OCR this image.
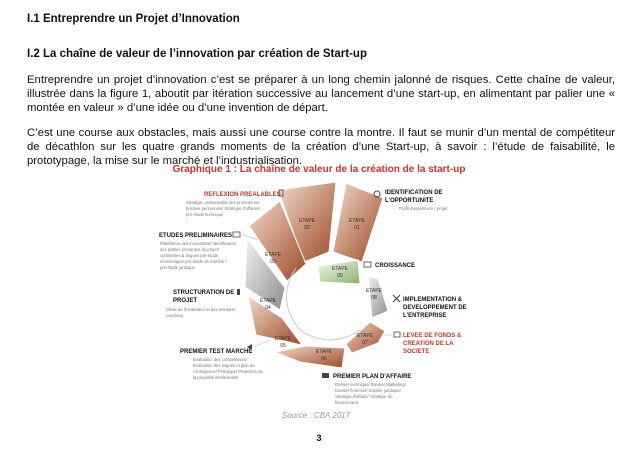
I.1 Entreprendre un Projet d’Innovation
I.2 La chaîne de valeur de l’innovation par création de Start-up
Entreprendre un projet d’innovation c’est se préparer à un long chemin jalonné de risques. Cette chaîne de valeur, illustrée dans la figure 1, aboutit par itération successive au lancement d’une start-up, en alimentant par palier une « montée en valeur » d’une idée ou d’une invention de départ.
C’est une course aux obstacles, mais aussi une course contre la montre. Il faut se munir d’un mental de compétiteur de décathlon sur les quatre grands moments de la création d’une Start-up, à savoir : l’étude de faisabilité, le prototypage, la mise sur le marché et l’industrialisation.
Graphique 1 : La chaîne de valeur de la création de la start-up
ETAPE
01
ETAPE
02
ETAPE
03
ETAPE
04
ETAPE
05
ETAPE
06
ETAPE
07
ETAPE
08
ETAPE
09
IDENTIFICATION DE
L'OPPORTUNITE
Profil d'expérience / projet
REFLEXION PREALABLES
Stratégie, personnalité des promoteurs/
besoins personnels/ Stratégie d'affaires/
pré-étude technique
ETUDES PRELIMINAIRES
Plateforme des innovations/ identification
des parties prenantes du projet/
contraintes & risques pré-étude
économique/ pré-étude de marché /
pré-étude juridique
STRUCTURATION DE
PROJET
Choix de l'incubateur et des mentors/
coaching
PREMIER TEST MARCHE
Evaluation des compétiteurs/
Evaluation des risques et plan de
contingence/ Prototype/ Protection de
la propriété intellectuelle	PREMIER PLAN D'AFFAIRE
Dossier technique/ Dossier Marketing/
Dossier financier/ Dossier juridique/
Stratégie d'affaire/ Stratégie de
financement
LEVEE DE FONDS &
CREATION DE LA
SOCIETE
IMPLEMENTATION &
DEVELOPPEMENT DE
L'ENTREPRISE
CROISSANCE
Source : CBA 2017
3
